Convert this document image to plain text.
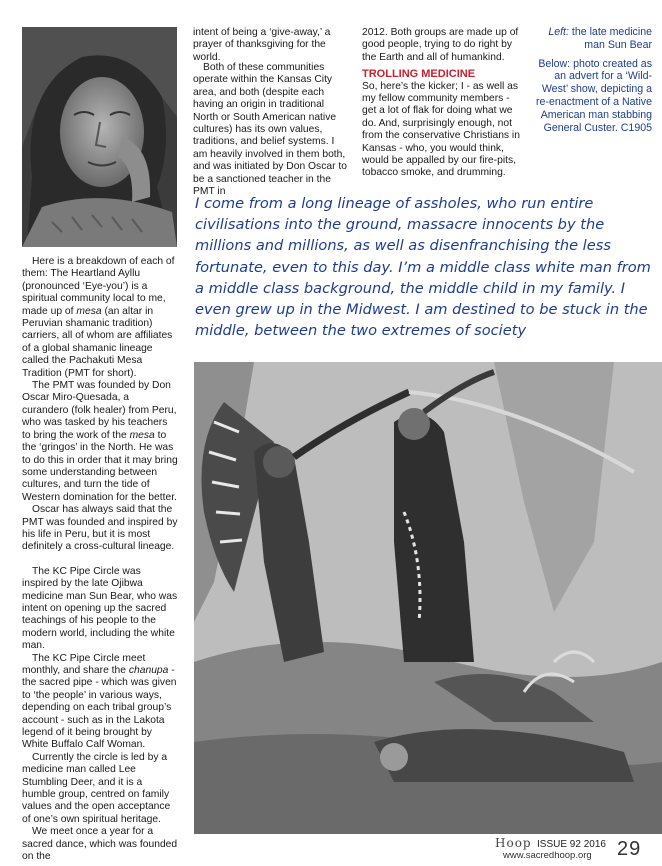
Here is a breakdown of each of them: The Heartland Ayllu (pronounced ‘Eye-you’) is a spiritual community local to me, made up of mesa (an altar in Peruvian shamanic tradition) carriers, all of whom are affiliates of a global shamanic lineage called the Pachakuti Mesa Tradition (PMT for short).

The PMT was founded by Don Oscar Miro-Quesada, a curandero (folk healer) from Peru, who was tasked by his teachers to bring the work of the mesa to the ‘gringos’ in the North. He was to do this in order that it may bring some understanding between cultures, and turn the tide of Western domination for the better.

Oscar has always said that the PMT was founded and inspired by his life in Peru, but it is most definitely a cross-cultural lineage.

The KC Pipe Circle was inspired by the late Ojibwa medicine man Sun Bear, who was intent on opening up the sacred teachings of his people to the modern world, including the white man.

The KC Pipe Circle meet monthly, and share the chanupa - the sacred pipe - which was given to ‘the people’ in various ways, depending on each tribal group’s account - such as in the Lakota legend of it being brought by White Buffalo Calf Woman.

Currently the circle is led by a medicine man called Lee Stumbling Deer, and it is a humble group, centred on family values and the open acceptance of one’s own spiritual heritage.

We meet once a year for a sacred dance, which was founded on the

intent of being a ‘give-away,’ a prayer of thanksgiving for the world.

Both of these communities operate within the Kansas City area, and both (despite each having an origin in traditional North or South American native cultures) has its own values, traditions, and belief systems. I am heavily involved in them both, and was initiated by Don Oscar to be a sanctioned teacher in the PMT in

2012. Both groups are made up of good people, trying to do right by the Earth and all of humankind.

TROLLING MEDICINE

So, here’s the kicker; I - as well as my fellow community members - get a lot of flak for doing what we do. And, surprisingly enough, not from the conservative Christians in Kansas - who, you would think, would be appalled by our fire-pits, tobacco smoke, and drumming.

Left: the late medicine man Sun Bear
Below: photo created as an advert for a ‘Wild-West’ show, depicting a re-enactment of a Native American man stabbing General Custer. C1905
I come from a long lineage of assholes, who run entire civilisations into the ground, massacre innocents by the millions and millions, as well as disenfranchising the less fortunate, even to this day. I’m a middle class white man from a middle class background, the middle child in my family. I even grew up in the Midwest. I am destined to be stuck in the middle, between the two extremes of society
Hoop ISSUE 92 2016
www.sacredhoop.org 29
